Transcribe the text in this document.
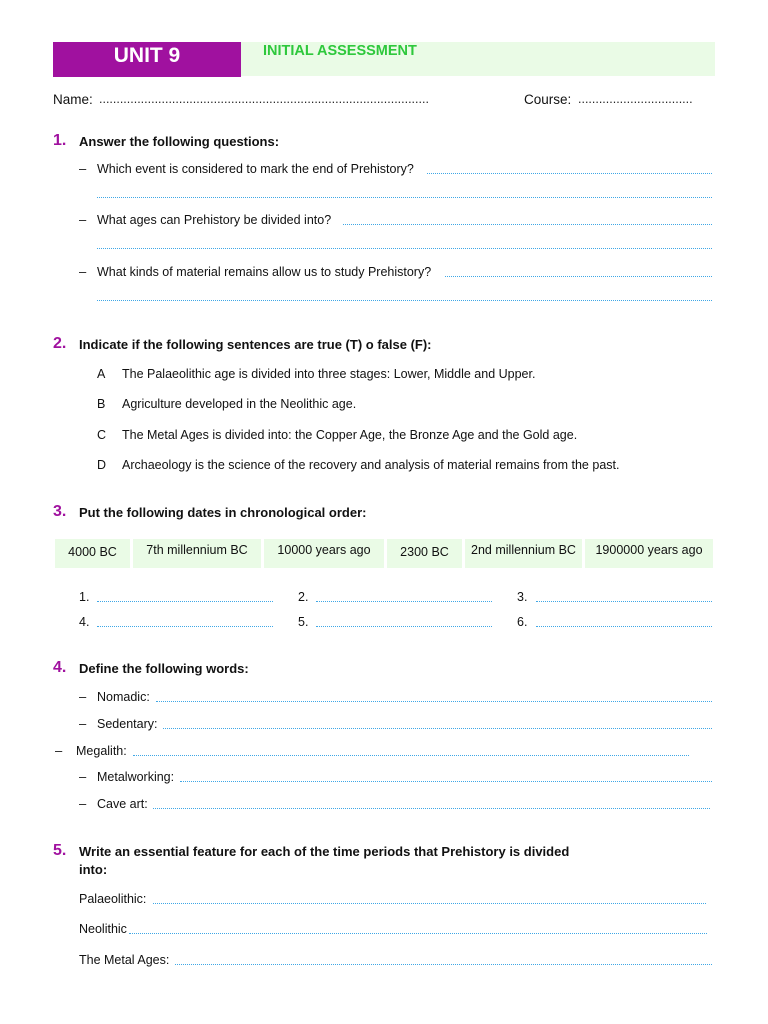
UNIT 9	INITIAL ASSESSMENT
Name: ...............................................................................................	Course: .................................
1. Answer the following questions:
– Which event is considered to mark the end of Prehistory?
– What ages can Prehistory be divided into?
– What kinds of material remains allow us to study Prehistory?
2. Indicate if the following sentences are true (T) o false (F):
A The Palaeolithic age is divided into three stages: Lower, Middle and Upper.
B Agriculture developed in the Neolithic age.
C The Metal Ages is divided into: the Copper Age, the Bronze Age and the Gold age.
D Archaeology is the science of the recovery and analysis of material remains from the past.
3. Put the following dates in chronological order:
4000 BC	7th millennium BC	10000 years ago	2300 BC	2nd millennium BC	1900000 years ago
1.	2.	3.
4.	5.	6.
4. Define the following words:
– Nomadic:
– Sedentary:
– Megalith:
– Metalworking:
– Cave art:
5. Write an essential feature for each of the time periods that Prehistory is divided
into:
Palaeolithic:
Neolithic
The Metal Ages:
